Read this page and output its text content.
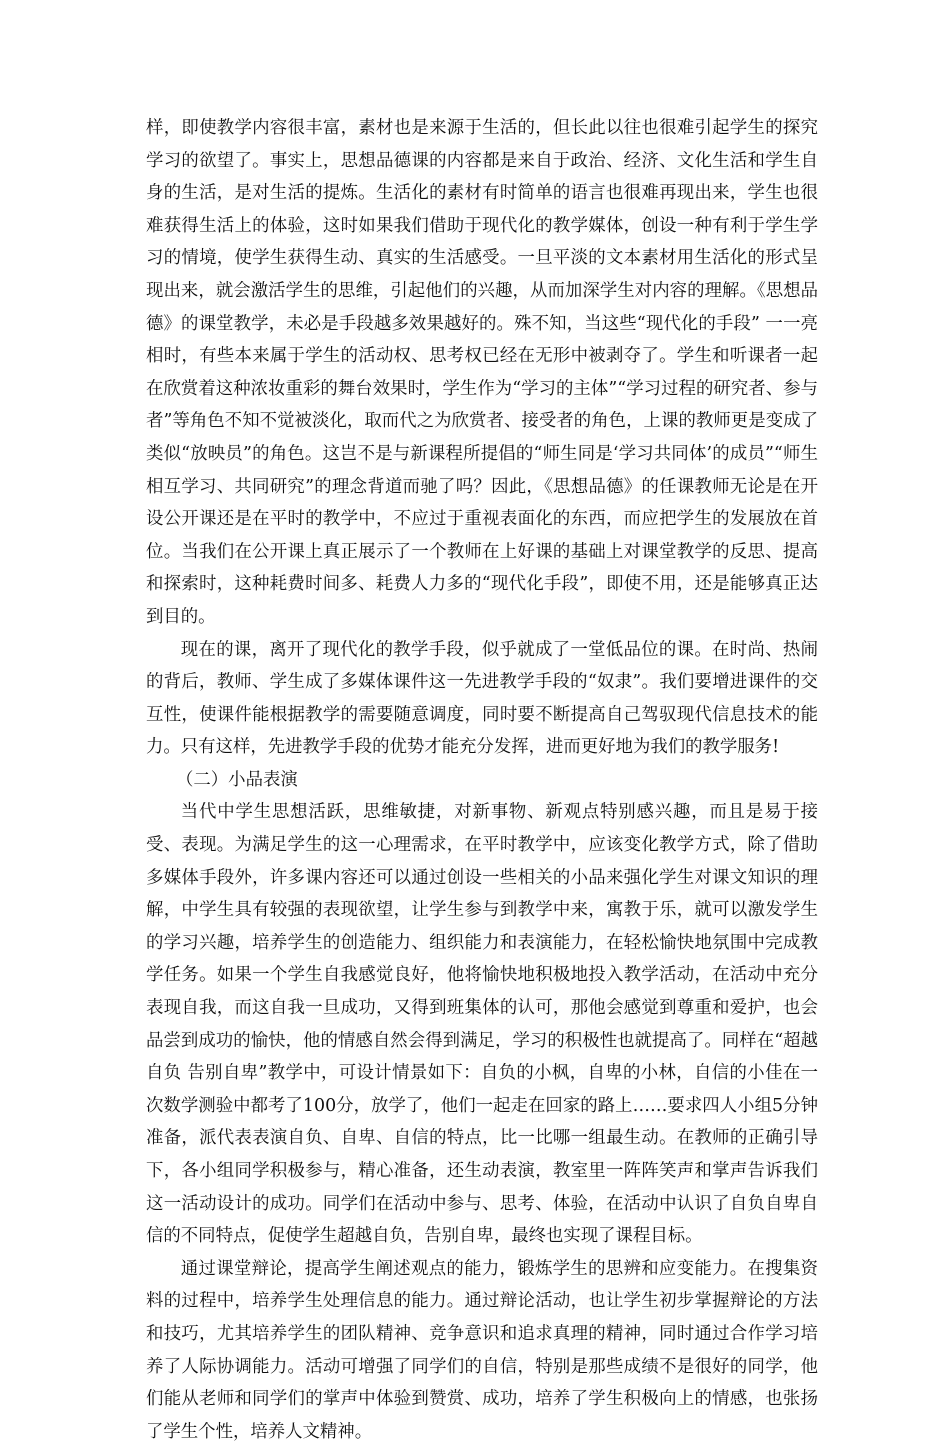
样，即使教学内容很丰富，素材也是来源于生活的，但长此以往也很难引起学生的探究学习的欲望了。事实上，思想品德课的内容都是来自于政治、经济、文化生活和学生自身的生活，是对生活的提炼。生活化的素材有时简单的语言也很难再现出来，学生也很难获得生活上的体验，这时如果我们借助于现代化的教学媒体，创设一种有利于学生学习的情境，使学生获得生动、真实的生活感受。一旦平淡的文本素材用生活化的形式呈现出来，就会激活学生的思维，引起他们的兴趣，从而加深学生对内容的理解。《思想品德》的课堂教学，未必是手段越多效果越好的。殊不知，当这些“现代化的手段” 一一亮相时，有些本来属于学生的活动权、思考权已经在无形中被剥夺了。学生和听课者一起在欣赏着这种浓妆重彩的舞台效果时，学生作为“学习的主体”“学习过程的研究者、参与者”等角色不知不觉被淡化，取而代之为欣赏者、接受者的角色，上课的教师更是变成了类似“放映员”的角色。这岂不是与新课程所提倡的“师生同是‘学习共同体’的成员”“师生相互学习、共同研究”的理念背道而驰了吗？因此，《思想品德》的任课教师无论是在开设公开课还是在平时的教学中，不应过于重视表面化的东西，而应把学生的发展放在首位。当我们在公开课上真正展示了一个教师在上好课的基础上对课堂教学的反思、提高和探索时，这种耗费时间多、耗费人力多的“现代化手段”，即使不用，还是能够真正达到目的。

现在的课，离开了现代化的教学手段，似乎就成了一堂低品位的课。在时尚、热闹的背后，教师、学生成了多媒体课件这一先进教学手段的“奴隶”。我们要增进课件的交互性，使课件能根据教学的需要随意调度，同时要不断提高自己驾驭现代信息技术的能力。只有这样，先进教学手段的优势才能充分发挥，进而更好地为我们的教学服务!

（二）小品表演

当代中学生思想活跃，思维敏捷，对新事物、新观点特别感兴趣，而且是易于接受、表现。为满足学生的这一心理需求，在平时教学中，应该变化教学方式，除了借助多媒体手段外，许多课内容还可以通过创设一些相关的小品来强化学生对课文知识的理解，中学生具有较强的表现欲望，让学生参与到教学中来，寓教于乐，就可以激发学生的学习兴趣，培养学生的创造能力、组织能力和表演能力，在轻松愉快地氛围中完成教学任务。如果一个学生自我感觉良好，他将愉快地积极地投入教学活动，在活动中充分表现自我，而这自我一旦成功，又得到班集体的认可，那他会感觉到尊重和爱护，也会品尝到成功的愉快，他的情感自然会得到满足，学习的积极性也就提高了。同样在“超越自负 告别自卑”教学中，可设计情景如下：自负的小枫，自卑的小林，自信的小佳在一次数学测验中都考了100分，放学了，他们一起走在回家的路上……要求四人小组5分钟准备，派代表表演自负、自卑、自信的特点，比一比哪一组最生动。在教师的正确引导下，各小组同学积极参与，精心准备，还生动表演，教室里一阵阵笑声和掌声告诉我们这一活动设计的成功。同学们在活动中参与、思考、体验，在活动中认识了自负自卑自信的不同特点，促使学生超越自负，告别自卑，最终也实现了课程目标。

通过课堂辩论，提高学生阐述观点的能力，锻炼学生的思辨和应变能力。在搜集资料的过程中，培养学生处理信息的能力。通过辩论活动，也让学生初步掌握辩论的方法和技巧，尤其培养学生的团队精神、竞争意识和追求真理的精神，同时通过合作学习培养了人际协调能力。活动可增强了同学们的自信，特别是那些成绩不是很好的同学，他们能从老师和同学们的掌声中体验到赞赏、成功，培养了学生积极向上的情感，也张扬了学生个性，培养人文精神。
